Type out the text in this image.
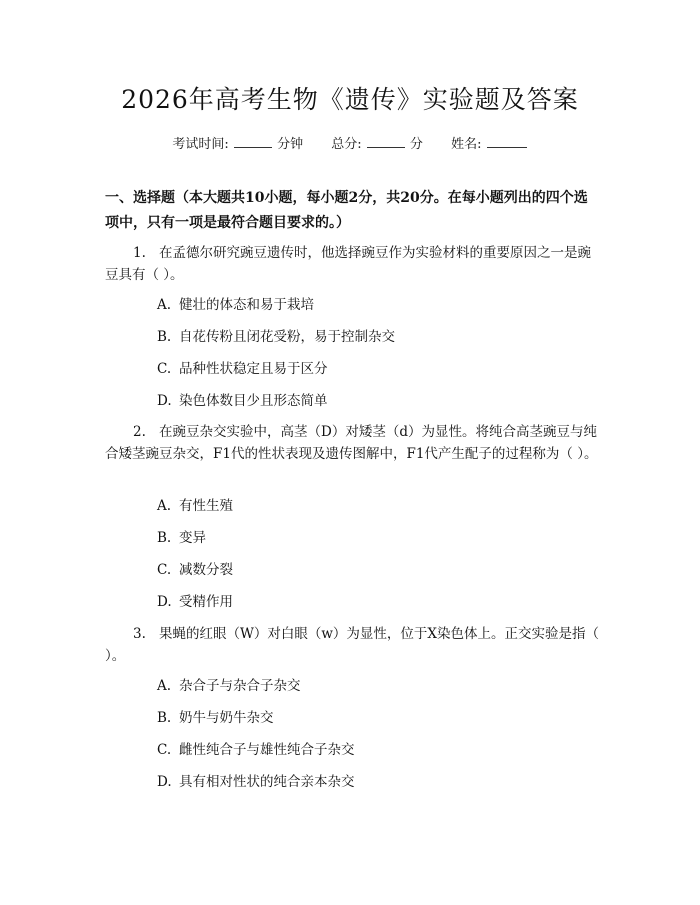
2026年高考生物《遗传》实验题及答案
考试时间:	分钟 总分:	分 姓名:
一、选择题（本大题共10小题，每小题2分，共20分。在每小题列出的四个选项中，只有一项是最符合题目要求的。）
1. 在孟德尔研究豌豆遗传时，他选择豌豆作为实验材料的重要原因之一是豌豆具有（ ）。
A. 健壮的体态和易于栽培
B. 自花传粉且闭花受粉，易于控制杂交
C. 品种性状稳定且易于区分
D. 染色体数目少且形态简单
2. 在豌豆杂交实验中，高茎（D）对矮茎（d）为显性。将纯合高茎豌豆与纯合矮茎豌豆杂交，F1代的性状表现及遗传图解中，F1代产生配子的过程称为（ ）。
A. 有性生殖
B. 变异
C. 减数分裂
D. 受精作用
3. 果蝇的红眼（W）对白眼（w）为显性，位于X染色体上。正交实验是指（ ）。
A. 杂合子与杂合子杂交
B. 奶牛与奶牛杂交
C. 雌性纯合子与雄性纯合子杂交
D. 具有相对性状的纯合亲本杂交
